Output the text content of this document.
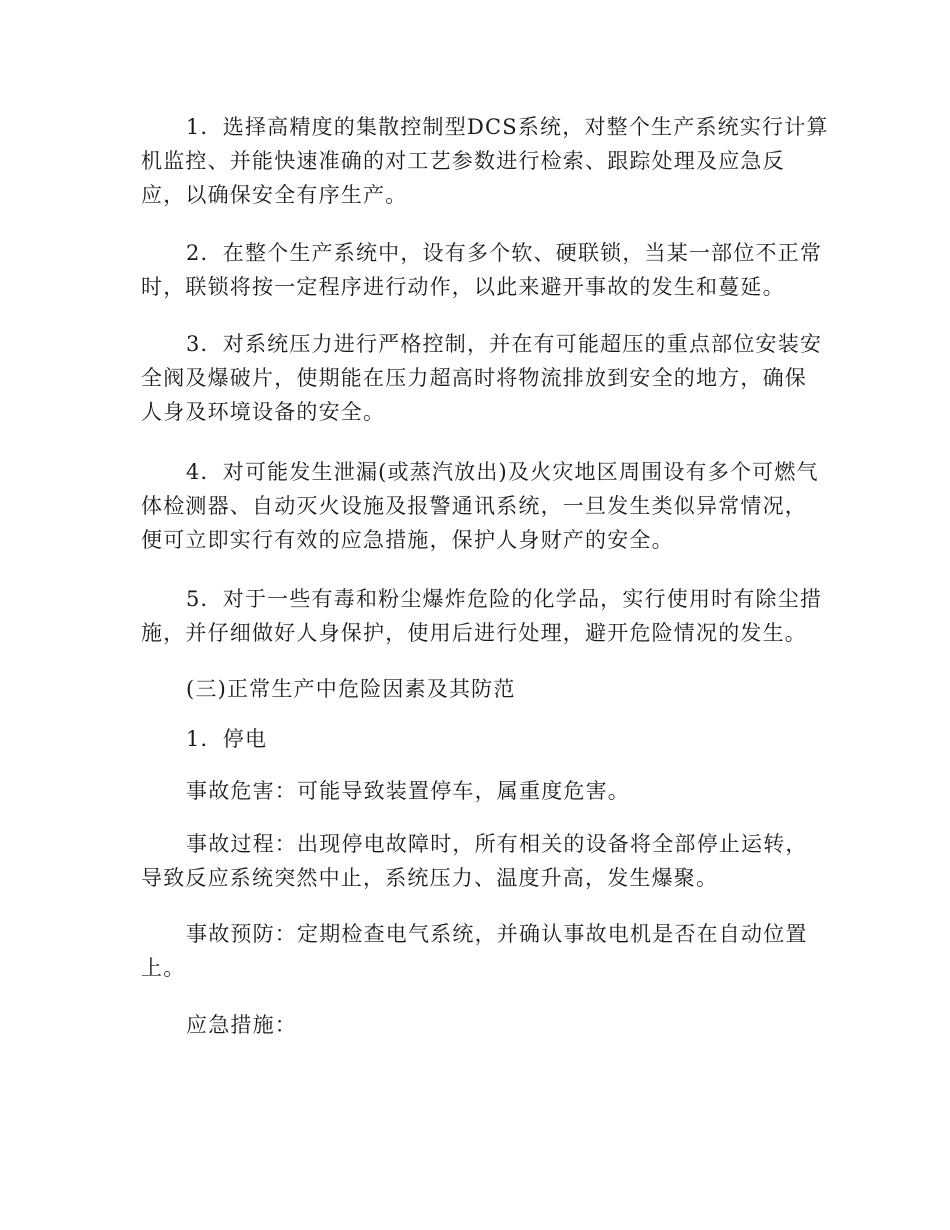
1．选择高精度的集散控制型DCS系统，对整个生产系统实行计算
机监控、并能快速准确的对工艺参数进行检索、跟踪处理及应急反
应，以确保安全有序生产。
2．在整个生产系统中，设有多个软、硬联锁，当某一部位不正常
时，联锁将按一定程序进行动作，以此来避开事故的发生和蔓延。
3．对系统压力进行严格控制，并在有可能超压的重点部位安装安
全阀及爆破片，使期能在压力超高时将物流排放到安全的地方，确保
人身及环境设备的安全。
4．对可能发生泄漏(或蒸汽放出)及火灾地区周围设有多个可燃气
体检测器、自动灭火设施及报警通讯系统，一旦发生类似异常情况，
便可立即实行有效的应急措施，保护人身财产的安全。
5．对于一些有毒和粉尘爆炸危险的化学品，实行使用时有除尘措
施，并仔细做好人身保护，使用后进行处理，避开危险情况的发生。
(三)正常生产中危险因素及其防范
1．停电
事故危害：可能导致装置停车，属重度危害。
事故过程：出现停电故障时，所有相关的设备将全部停止运转，
导致反应系统突然中止，系统压力、温度升高，发生爆聚。
事故预防：定期检查电气系统，并确认事故电机是否在自动位置
上。
应急措施：
